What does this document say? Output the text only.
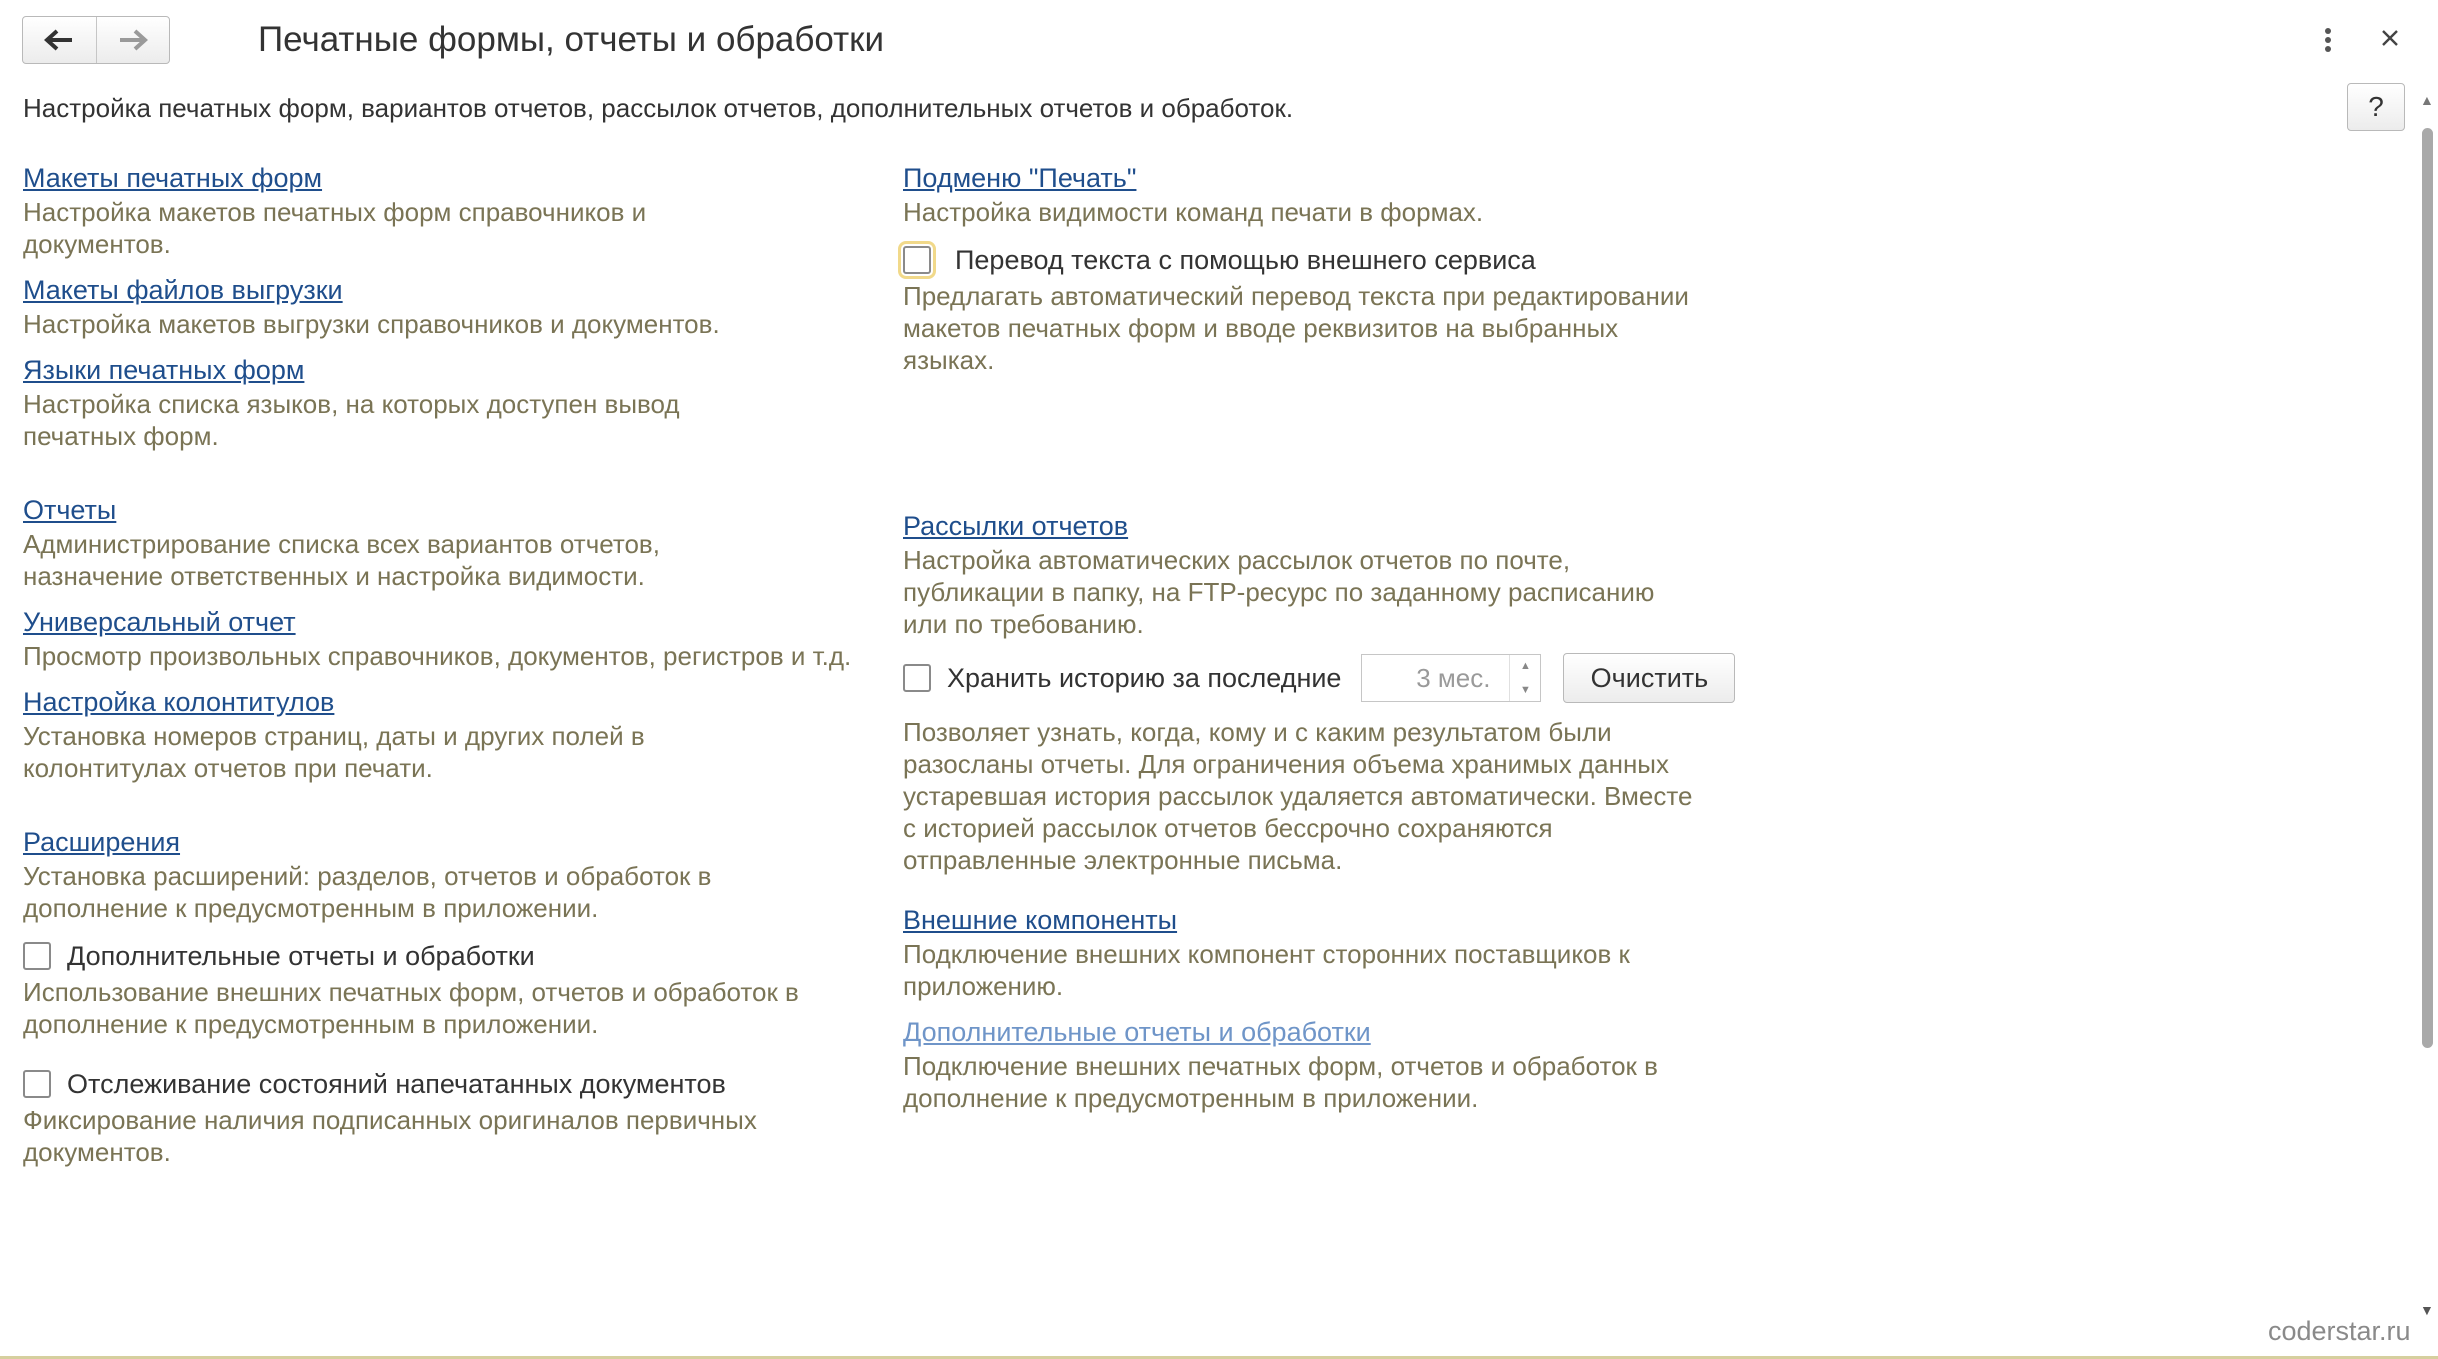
Печатные формы, отчеты и обработки
Настройка печатных форм, вариантов отчетов, рассылок отчетов, дополнительных отчетов и обработок.	?	▲
▼
Макеты печатных форм
Настройка макетов печатных форм справочников и документов.
Макеты файлов выгрузки
Настройка макетов выгрузки справочников и документов.
Языки печатных форм
Настройка списка языков, на которых доступен вывод печатных форм.
Отчеты
Администрирование списка всех вариантов отчетов, назначение ответственных и настройка видимости.
Универсальный отчет
Просмотр произвольных справочников, документов, регистров и т.д.
Настройка колонтитулов
Установка номеров страниц, даты и других полей в колонтитулах отчетов при печати.
Расширения
Установка расширений: разделов, отчетов и обработок в дополнение к предусмотренным в приложении.
Дополнительные отчеты и обработки
Использование внешних печатных форм, отчетов и обработок в дополнение к предусмотренным в приложении.
Отслеживание состояний напечатанных документов
Фиксирование наличия подписанных оригиналов первичных документов.
Подменю "Печать"
Настройка видимости команд печати в формах.
Перевод текста с помощью внешнего сервиса
Предлагать автоматический перевод текста при редактировании макетов печатных форм и вводе реквизитов на выбранных языках.
Рассылки отчетов
Настройка автоматических рассылок отчетов по почте, публикации в папку, на FTP-ресурс по заданному расписанию или по требованию.
Хранить историю за последние	3 мес.	▲
▼	Очистить
Позволяет узнать, когда, кому и с каким результатом были разосланы отчеты. Для ограничения объема хранимых данных устаревшая история рассылок удаляется автоматически. Вместе с историей рассылок отчетов бессрочно сохраняются отправленные электронные письма.
Внешние компоненты
Подключение внешних компонент сторонних поставщиков к приложению.
Дополнительные отчеты и обработки
Подключение внешних печатных форм, отчетов и обработок в дополнение к предусмотренным в приложении.
coderstar.ru
